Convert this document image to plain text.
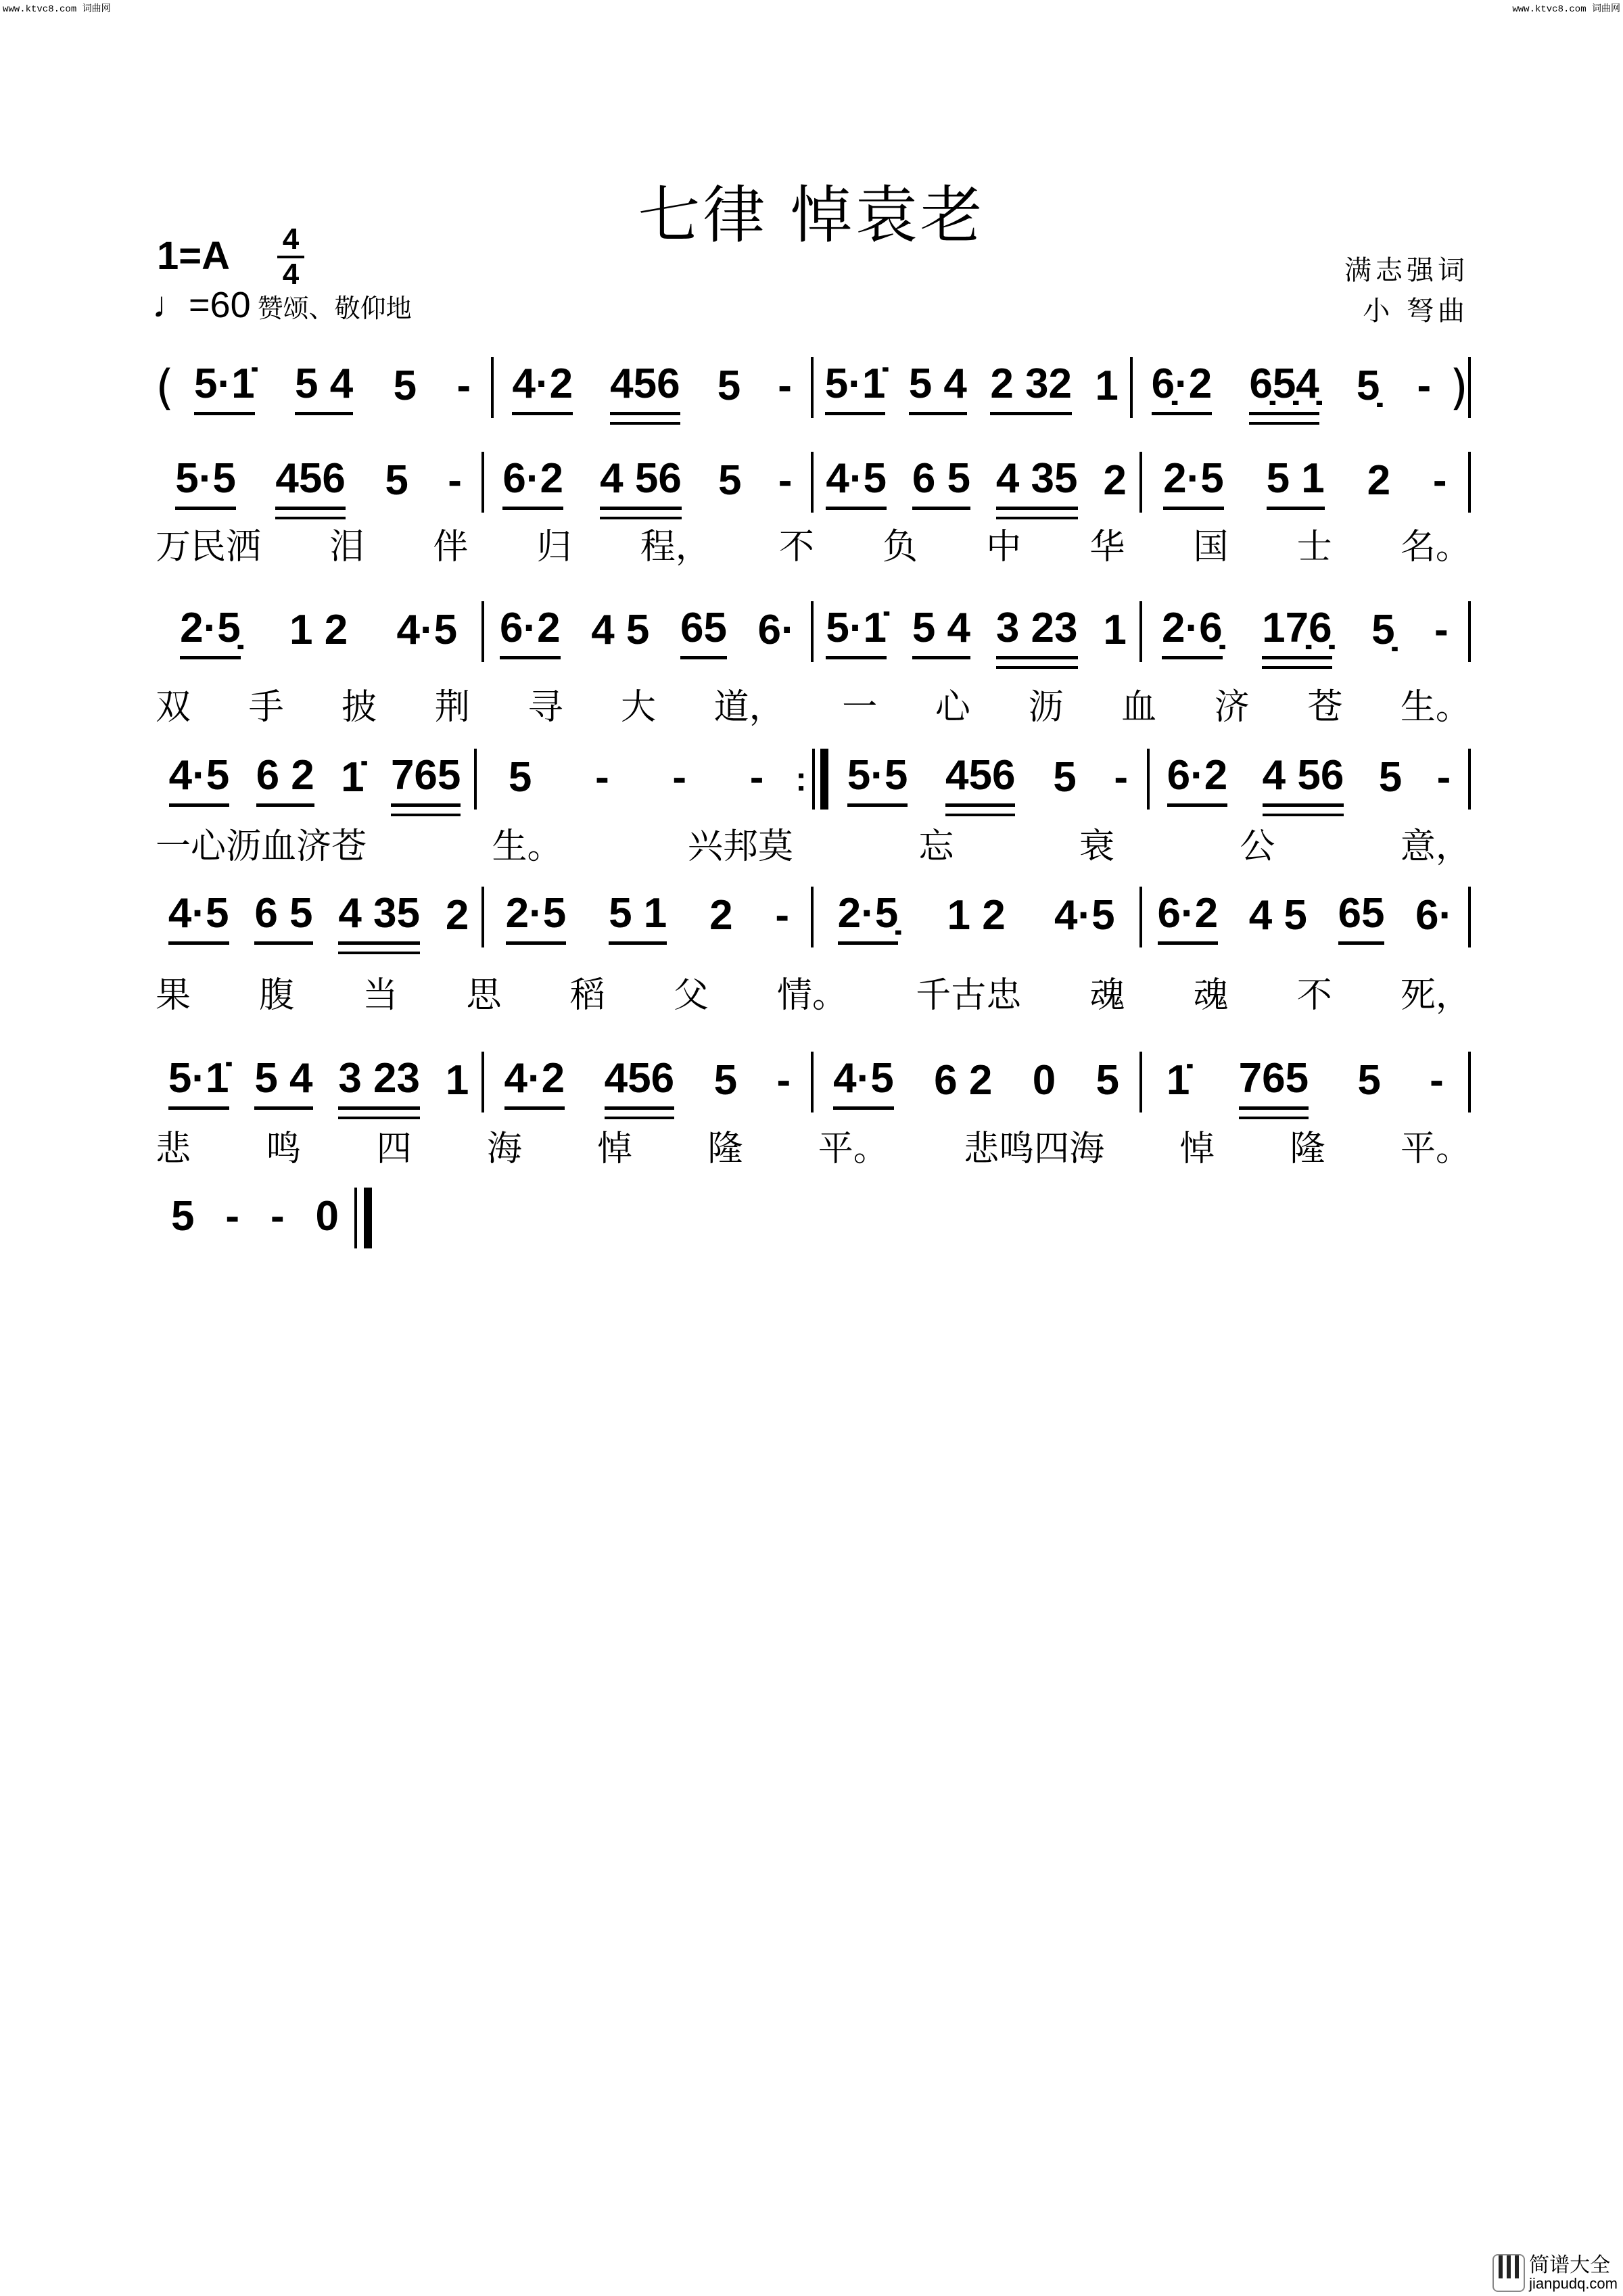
www.ktvc8.com 词曲网	www.ktvc8.com 词曲网
七律 悼袁老
1=A 4
4
♩=60 赞颂、敬仰地
满志强词
小 弩曲
( 5·1̇ 5 4 5 - 4·2 456 5 - 5·1̇ 5 4 2 32 1 6̣·2 6̣5̣4̣ 5̣ - )
5·5 456 5 - 6·2 4 56 5 - 4·5 6 5 4 35 2 2·5 5 1 2 -
万民洒 泪 伴 归 程， 不 负 中 华 国 士 名。
2·5̣ 1 2 4·5 6·2 4 5 65 6· 5·1̇ 5 4 3 23 1 2·6̣ 17̣6̣ 5̣ -
双 手 披 荆 寻 大 道， 一 心 沥 血 济 苍 生。
4·5 6 2 1̇ 765 5 - - - : 5·5 456 5 - 6·2 4 56 5 -
一心沥血济苍	生。	兴邦莫	忘	衰	公	意，
4·5 6 5 4 35 2 2·5 5 1 2 - 2·5̣ 1 2 4·5 6·2 4 5 65 6·
果 腹 当 思 稻 父 情。 千古忠 魂 魂 不 死，
5·1̇ 5 4 3 23 1 4·2 456 5 - 4·5 6 2 0 5 1̇ 765 5 -
悲 鸣 四 海 悼 隆 平。 悲鸣四海 悼 隆 平。
5 - - 0
简谱大全
jianpudq.com
